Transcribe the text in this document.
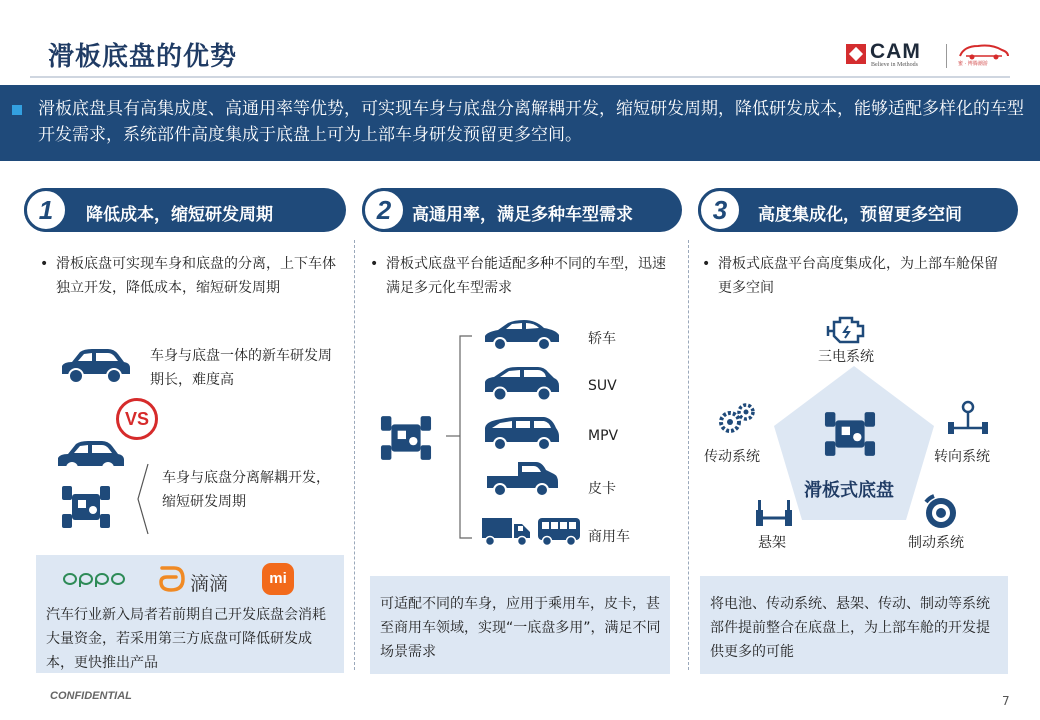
滑板底盘的优势	CAM
Believe in Methods	蜜 · 博腾潮游
滑板底盘具有高集成度、高通用率等优势，可实现车身与底盘分离解耦开发，缩短研发周期，降低研发成本，能够适配多样化的车型开发需求，系统部件高度集成于底盘上可为上部车身研发预留更多空间。
降低成本，缩短研发周期
1	高通用率，满足多种车型需求
2	高度集成化，预留更多空间
3
• 滑板底盘可实现车身和底盘的分离，上下车体独立开发，降低成本，缩短研发周期
车身与底盘一体的新车研发周期长，难度高
VS
车身与底盘分离解耦开发，缩短研发周期
滴滴	mi
汽车行业新入局者若前期自己开发底盘会消耗大量资金，若采用第三方底盘可降低研发成本，更快推出产品
• 滑板式底盘平台能适配多种不同的车型，迅速满足多元化车型需求
轿车
SUV
MPV
皮卡
商用车
可适配不同的车身，应用于乘用车，皮卡，甚至商用车领域，实现“一底盘多用”，满足不同场景需求
• 滑板式底盘平台高度集成化，为上部车舱保留更多空间
三电系统
传动系统	转向系统
滑板式底盘
悬架	制动系统
将电池、传动系统、悬架、传动、制动等系统部件提前整合在底盘上，为上部车舱的开发提供更多的可能
CONFIDENTIAL	7
